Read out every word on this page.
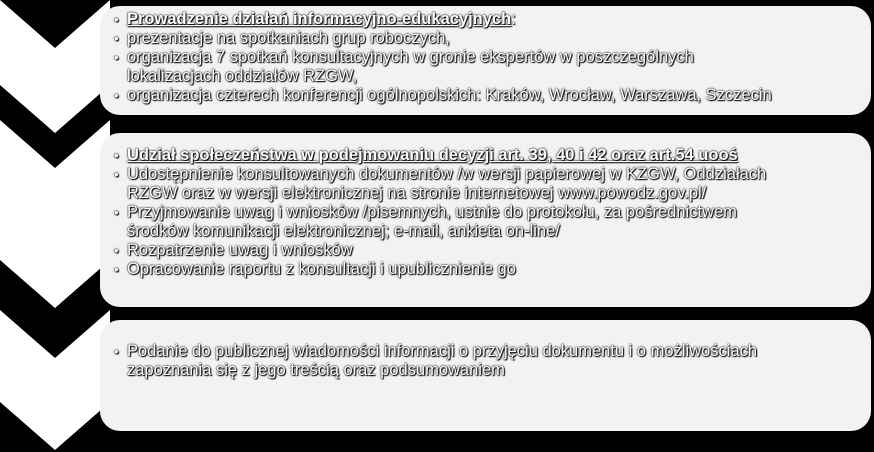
• Prowadzenie działań informacyjno-edukacyjnych:
• prezentacje na spotkaniach grup roboczych,
• organizacja 7 spotkań konsultacyjnych w gronie ekspertów w poszczególnych
lokalizacjach oddziałów RZGW,
• organizacja czterech konferencji ogólnopolskich: Kraków, Wrocław, Warszawa, Szczecin
• Udział społeczeństwa w podejmowaniu decyzji art. 39, 40 i 42 oraz art.54 uooś
• Udostępnienie konsultowanych dokumentów /w wersji papierowej w KZGW, Oddziałach
RZGW oraz w wersji elektronicznej na stronie internetowej www.powodz.gov.pl/
• Przyjmowanie uwag i wniosków /pisemnych, ustnie do protokołu, za pośrednictwem
środków komunikacji elektronicznej; e-mail, ankieta on-line/
• Rozpatrzenie uwag i wniosków
• Opracowanie raportu z konsultacji i upublicznienie go
• Podanie do publicznej wiadomości informacji o przyjęciu dokumentu i o możliwościach
zapoznania się z jego treścią oraz podsumowaniem
